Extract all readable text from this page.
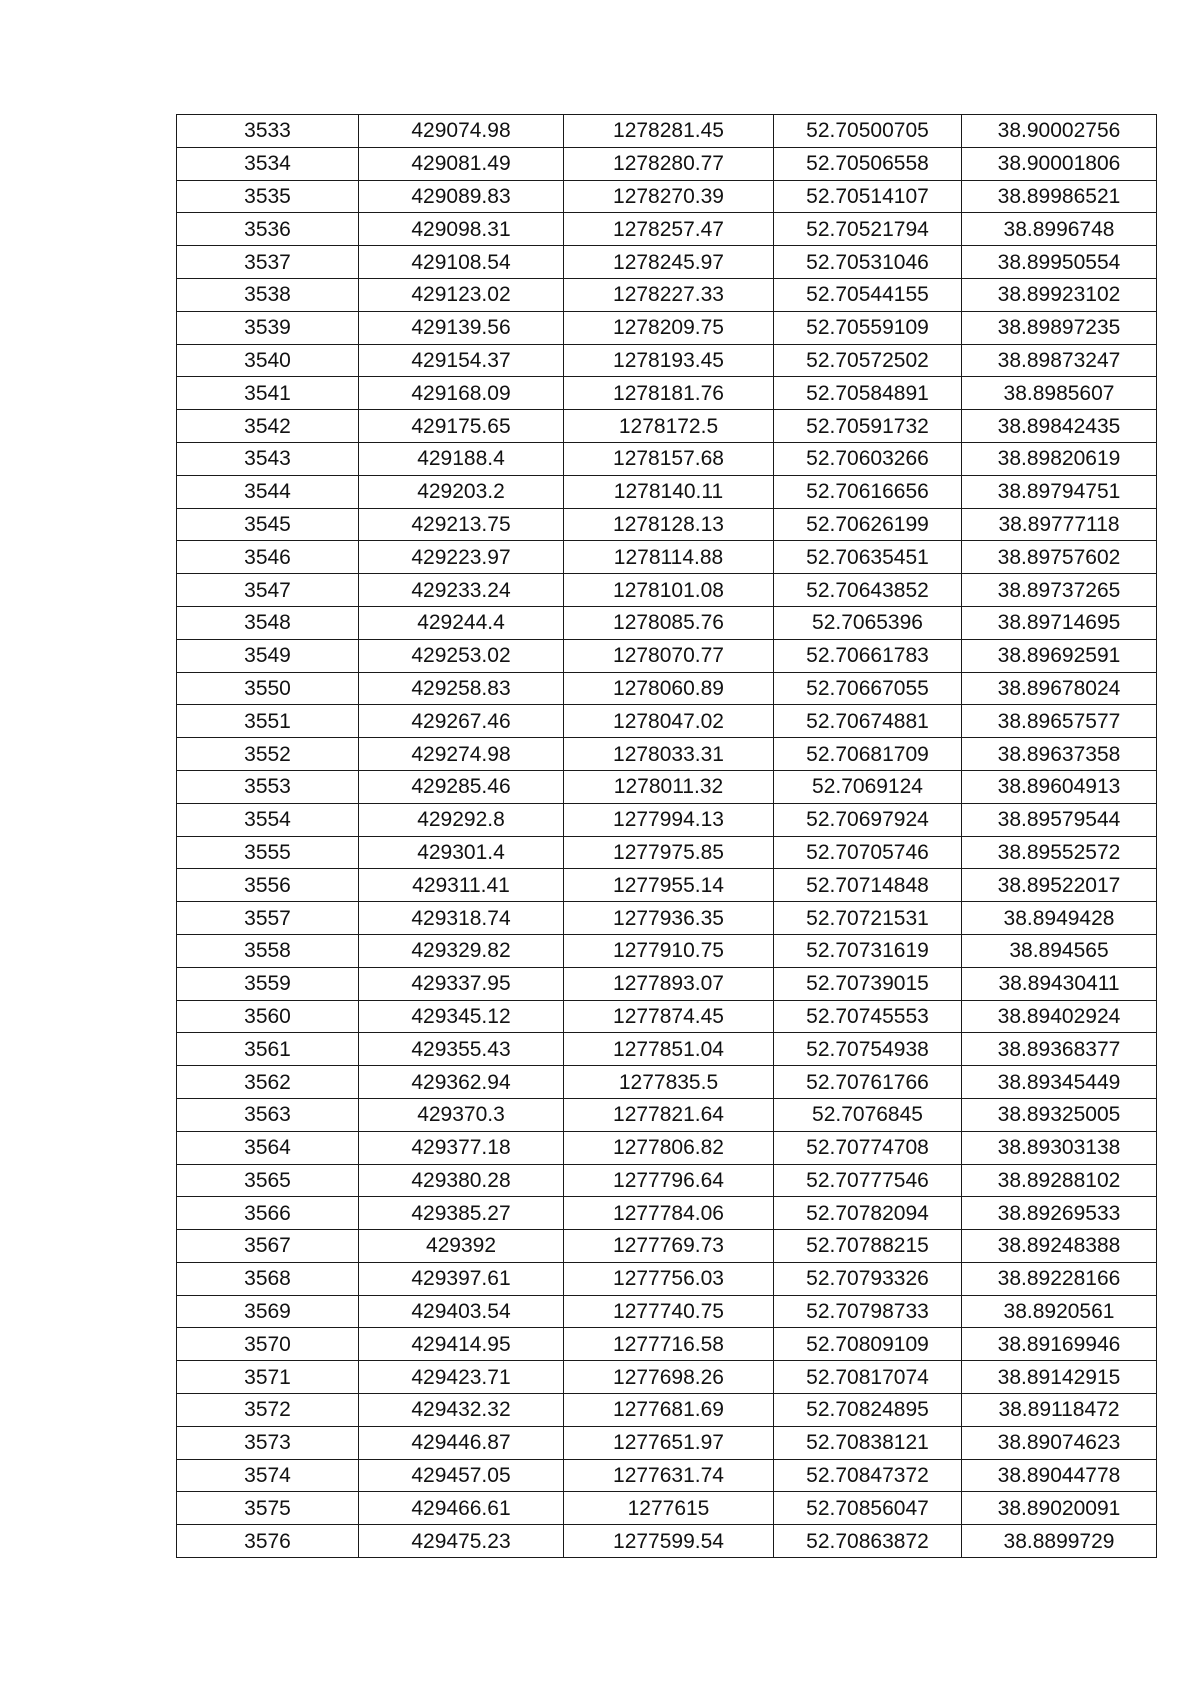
3533	429074.98	1278281.45	52.70500705	38.90002756
3534	429081.49	1278280.77	52.70506558	38.90001806
3535	429089.83	1278270.39	52.70514107	38.89986521
3536	429098.31	1278257.47	52.70521794	38.8996748
3537	429108.54	1278245.97	52.70531046	38.89950554
3538	429123.02	1278227.33	52.70544155	38.89923102
3539	429139.56	1278209.75	52.70559109	38.89897235
3540	429154.37	1278193.45	52.70572502	38.89873247
3541	429168.09	1278181.76	52.70584891	38.8985607
3542	429175.65	1278172.5	52.70591732	38.89842435
3543	429188.4	1278157.68	52.70603266	38.89820619
3544	429203.2	1278140.11	52.70616656	38.89794751
3545	429213.75	1278128.13	52.70626199	38.89777118
3546	429223.97	1278114.88	52.70635451	38.89757602
3547	429233.24	1278101.08	52.70643852	38.89737265
3548	429244.4	1278085.76	52.7065396	38.89714695
3549	429253.02	1278070.77	52.70661783	38.89692591
3550	429258.83	1278060.89	52.70667055	38.89678024
3551	429267.46	1278047.02	52.70674881	38.89657577
3552	429274.98	1278033.31	52.70681709	38.89637358
3553	429285.46	1278011.32	52.7069124	38.89604913
3554	429292.8	1277994.13	52.70697924	38.89579544
3555	429301.4	1277975.85	52.70705746	38.89552572
3556	429311.41	1277955.14	52.70714848	38.89522017
3557	429318.74	1277936.35	52.70721531	38.8949428
3558	429329.82	1277910.75	52.70731619	38.894565
3559	429337.95	1277893.07	52.70739015	38.89430411
3560	429345.12	1277874.45	52.70745553	38.89402924
3561	429355.43	1277851.04	52.70754938	38.89368377
3562	429362.94	1277835.5	52.70761766	38.89345449
3563	429370.3	1277821.64	52.7076845	38.89325005
3564	429377.18	1277806.82	52.70774708	38.89303138
3565	429380.28	1277796.64	52.70777546	38.89288102
3566	429385.27	1277784.06	52.70782094	38.89269533
3567	429392	1277769.73	52.70788215	38.89248388
3568	429397.61	1277756.03	52.70793326	38.89228166
3569	429403.54	1277740.75	52.70798733	38.8920561
3570	429414.95	1277716.58	52.70809109	38.89169946
3571	429423.71	1277698.26	52.70817074	38.89142915
3572	429432.32	1277681.69	52.70824895	38.89118472
3573	429446.87	1277651.97	52.70838121	38.89074623
3574	429457.05	1277631.74	52.70847372	38.89044778
3575	429466.61	1277615	52.70856047	38.89020091
3576	429475.23	1277599.54	52.70863872	38.8899729
